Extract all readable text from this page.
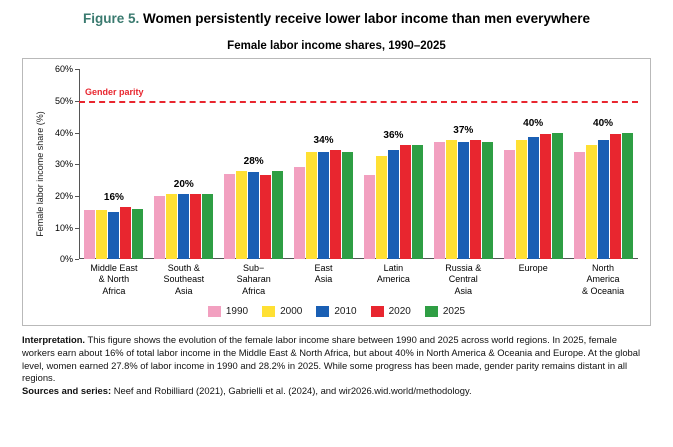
Figure 5. Women persistently receive lower labor income than men everywhere
Female labor income shares, 1990–2025
Female labor income share (%)
0%
10%
20%
30%
40%
50%
60%
Gender parity
16%
20%
28%
34%	36%	37%
40%	40%
Middle East
& North
Africa
South &
Southeast
Asia
Sub−
Saharan
Africa
East
Asia
Latin
America
Russia &
Central
Asia
Europe	North
America
& Oceania
1990	2000	2010	2020	2025
Interpretation. This figure shows the evolution of the female labor income share between 1990 and 2025 across world regions. In 2025, female workers earn about 16% of total labor income in the Middle East & North Africa, but about 40% in North America & Oceania and Europe. At the global level, women earned 27.8% of labor income in 1990 and 28.2% in 2025. While some progress has been made, gender parity remains distant in all regions.
Sources and series: Neef and Robilliard (2021), Gabrielli et al. (2024), and wir2026.wid.world/methodology.
